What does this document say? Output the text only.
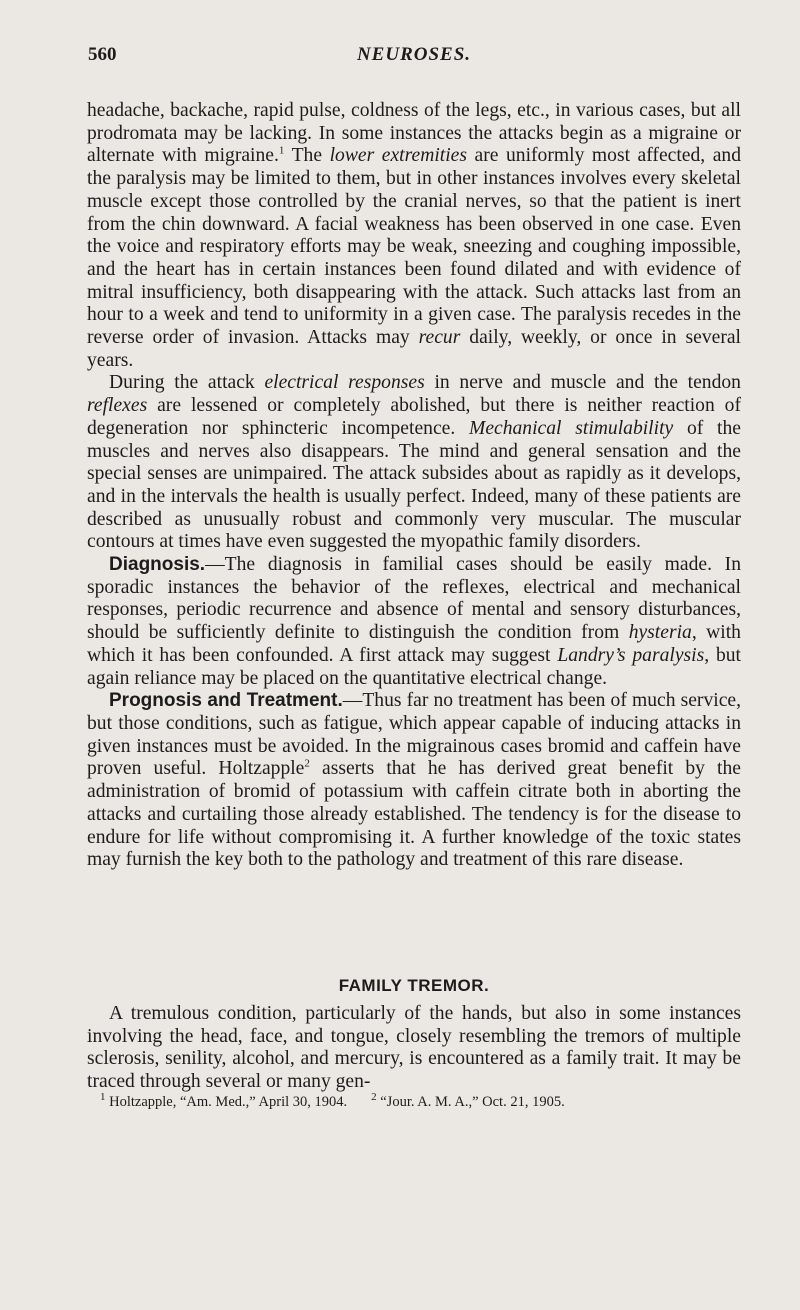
560	NEUROSES.

headache, backache, rapid pulse, coldness of the legs, etc., in various cases, but all prodromata may be lacking. In some instances the attacks begin as a migraine or alternate with migraine.$^1$ The lower extremities are uniformly most affected, and the paralysis may be limited to them, but in other instances involves every skeletal muscle except those controlled by the cranial nerves, so that the patient is inert from the chin downward. A facial weakness has been observed in one case. Even the voice and respiratory efforts may be weak, sneezing and coughing impossible, and the heart has in certain instances been found dilated and with evidence of mitral insufficiency, both disappearing with the attack. Such attacks last from an hour to a week and tend to uniformity in a given case. The paralysis recedes in the reverse order of invasion. Attacks may recur daily, weekly, or once in several years.

During the attack electrical responses in nerve and muscle and the tendon reflexes are lessened or completely abolished, but there is neither reaction of degeneration nor sphincteric incompetence. Mechanical stimulability of the muscles and nerves also disappears. The mind and general sensation and the special senses are unimpaired. The attack subsides about as rapidly as it develops, and in the intervals the health is usually perfect. Indeed, many of these patients are described as unusually robust and commonly very muscular. The muscular contours at times have even suggested the myopathic family disorders.

Diagnosis.—The diagnosis in familial cases should be easily made. In sporadic instances the behavior of the reflexes, electrical and mechanical responses, periodic recurrence and absence of mental and sensory disturbances, should be sufficiently definite to distinguish the condition from hysteria, with which it has been confounded. A first attack may suggest Landry’s paralysis, but again reliance may be placed on the quantitative electrical change.

Prognosis and Treatment.—Thus far no treatment has been of much service, but those conditions, such as fatigue, which appear capable of inducing attacks in given instances must be avoided. In the migrainous cases bromid and caffein have proven useful. Holtzapple$^2$ asserts that he has derived great benefit by the administration of bromid of potassium with caffein citrate both in aborting the attacks and curtailing those already established. The tendency is for the disease to endure for life without compromising it. A further knowledge of the toxic states may furnish the key both to the pathology and treatment of this rare disease.

FAMILY TREMOR.

A tremulous condition, particularly of the hands, but also in some instances involving the head, face, and tongue, closely resembling the tremors of multiple sclerosis, senility, alcohol, and mercury, is encountered as a family trait. It may be traced through several or many gen-

$^1$ Holtzapple, “Am. Med.,” April 30, 1904. $^2$ “Jour. A. M. A.,” Oct. 21, 1905.
